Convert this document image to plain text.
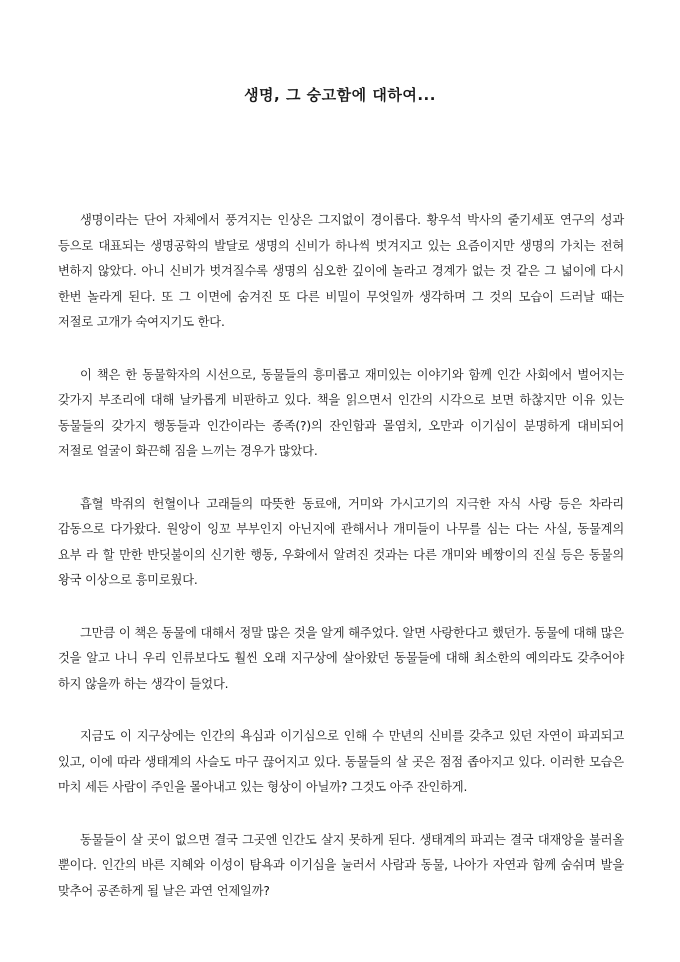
생명, 그 숭고함에 대하여...

생명이라는 단어 자체에서 풍겨지는 인상은 그지없이 경이롭다. 황우석 박사의 줄기세포 연구의 성과 등으로 대표되는 생명공학의 발달로 생명의 신비가 하나씩 벗겨지고 있는 요즘이지만 생명의 가치는 전혀 변하지 않았다. 아니 신비가 벗겨질수록 생명의 심오한 깊이에 놀라고 경계가 없는 것 같은 그 넓이에 다시 한번 놀라게 된다. 또 그 이면에 숨겨진 또 다른 비밀이 무엇일까 생각하며 그 것의 모습이 드러날 때는 저절로 고개가 숙여지기도 한다.

이 책은 한 동물학자의 시선으로, 동물들의 흥미롭고 재미있는 이야기와 함께 인간 사회에서 벌어지는 갖가지 부조리에 대해 날카롭게 비판하고 있다. 책을 읽으면서 인간의 시각으로 보면 하찮지만 이유 있는 동물들의 갖가지 행동들과 인간이라는 종족(?)의 잔인함과 몰염치, 오만과 이기심이 분명하게 대비되어 저절로 얼굴이 화끈해 짐을 느끼는 경우가 많았다.

흡혈 박쥐의 헌혈이나 고래들의 따뜻한 동료애, 거미와 가시고기의 지극한 자식 사랑 등은 차라리 감동으로 다가왔다. 원앙이 잉꼬 부부인지 아닌지에 관해서나 개미들이 나무를 심는 다는 사실, 동물계의 요부 라 할 만한 반딧불이의 신기한 행동, 우화에서 알려진 것과는 다른 개미와 베짱이의 진실 등은 동물의 왕국 이상으로 흥미로웠다.

그만큼 이 책은 동물에 대해서 정말 많은 것을 알게 해주었다. 알면 사랑한다고 했던가. 동물에 대해 많은 것을 알고 나니 우리 인류보다도 훨씬 오래 지구상에 살아왔던 동물들에 대해 최소한의 예의라도 갖추어야 하지 않을까 하는 생각이 들었다.

지금도 이 지구상에는 인간의 욕심과 이기심으로 인해 수 만년의 신비를 갖추고 있던 자연이 파괴되고 있고, 이에 따라 생태계의 사슬도 마구 끊어지고 있다. 동물들의 살 곳은 점점 좁아지고 있다. 이러한 모습은 마치 세든 사람이 주인을 몰아내고 있는 형상이 아닐까? 그것도 아주 잔인하게.

동물들이 살 곳이 없으면 결국 그곳엔 인간도 살지 못하게 된다. 생태계의 파괴는 결국 대재앙을 불러올 뿐이다. 인간의 바른 지혜와 이성이 탐욕과 이기심을 눌러서 사람과 동물, 나아가 자연과 함께 숨쉬며 발을 맞추어 공존하게 될 날은 과연 언제일까?
